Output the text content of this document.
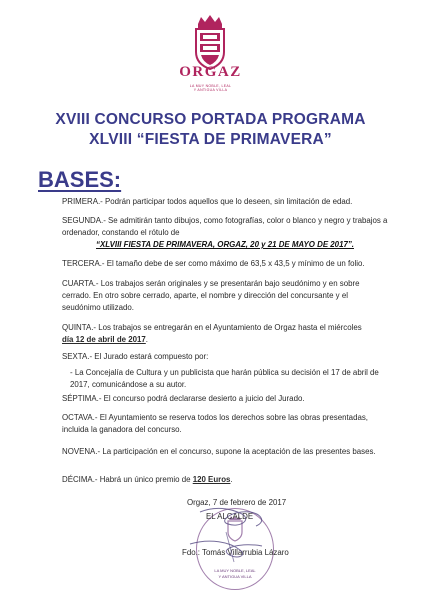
ORGAZ
LA MUY NOBLE, LEAL
Y ANTIGUA VILLA
XVIII CONCURSO PORTADA PROGRAMA
XLVIII “FIESTA DE PRIMAVERA”
BASES:
PRIMERA.- Podrán participar todos aquellos que lo deseen, sin limitación de edad.
SEGUNDA.- Se admitirán tanto dibujos, como fotografías, color o blanco y negro y trabajos a ordenador, constando el rótulo de
“XLVIII FIESTA DE PRIMAVERA, ORGAZ, 20 y 21 DE MAYO DE 2017”.
TERCERA.- El tamaño debe de ser como máximo de 63,5 x 43,5 y mínimo de un folio.
CUARTA.- Los trabajos serán originales y se presentarán bajo seudónimo y en sobre cerrado. En otro sobre cerrado, aparte, el nombre y dirección del concursante y el seudónimo utilizado.
QUINTA.- Los trabajos se entregarán en el Ayuntamiento de Orgaz hasta el miércoles
día 12 de abril de 2017.
SEXTA.- El Jurado estará compuesto por:
- La Concejalía de Cultura y un publicista que harán pública su decisión el 17 de abril de 2017, comunicándose a su autor.
SÉPTIMA.- El concurso podrá declararse desierto a juicio del Jurado.
OCTAVA.- El Ayuntamiento se reserva todos los derechos sobre las obras presentadas, incluida la ganadora del concurso.
NOVENA.- La participación en el concurso, supone la aceptación de las presentes bases.
DÉCIMA.- Habrá un único premio de 120 Euros.
LA MUY NOBLE, LEAL
Y ANTIGUA VILLA
Orgaz, 7 de febrero de 2017
EL ALCALDE
Fdo.: Tomás Villarrubia Lázaro
